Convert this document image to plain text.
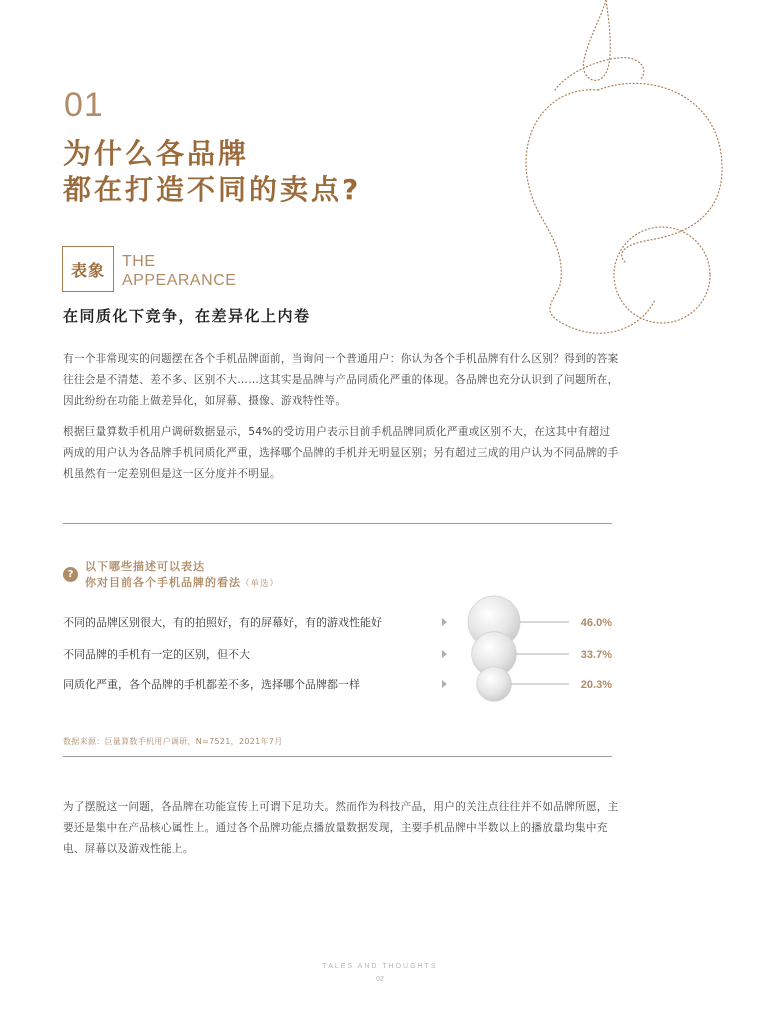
01
为什么各品牌
都在打造不同的卖点?
表象 THE
APPEARANCE
在同质化下竞争，在差异化上内卷

有一个非常现实的问题摆在各个手机品牌面前，当询问一个普通用户：你认为各个手机品牌有什么区别？得到的答案往往会是不清楚、差不多、区别不大……这其实是品牌与产品同质化严重的体现。各品牌也充分认识到了问题所在，因此纷纷在功能上做差异化，如屏幕、摄像、游戏特性等。

根据巨量算数手机用户调研数据显示，54%的受访用户表示目前手机品牌同质化严重或区别不大，在这其中有超过两成的用户认为各品牌手机同质化严重，选择哪个品牌的手机并无明显区别；另有超过三成的用户认为不同品牌的手机虽然有一定差别但是这一区分度并不明显。

?
以下哪些描述可以表达
你对目前各个手机品牌的看法（单选）
不同的品牌区别很大，有的拍照好，有的屏幕好，有的游戏性能好	46.0%
不同品牌的手机有一定的区别，但不大	33.7%
同质化严重，各个品牌的手机都差不多，选择哪个品牌都一样	20.3%
数据来源：巨量算数手机用户调研，N=7521，2021年7月

为了摆脱这一问题，各品牌在功能宣传上可谓下足功夫。然而作为科技产品，用户的关注点往往并不如品牌所愿，主要还是集中在产品核心属性上。通过各个品牌功能点播放量数据发现，主要手机品牌中半数以上的播放量均集中充电、屏幕以及游戏性能上。

TALES AND THOUGHTS
02
